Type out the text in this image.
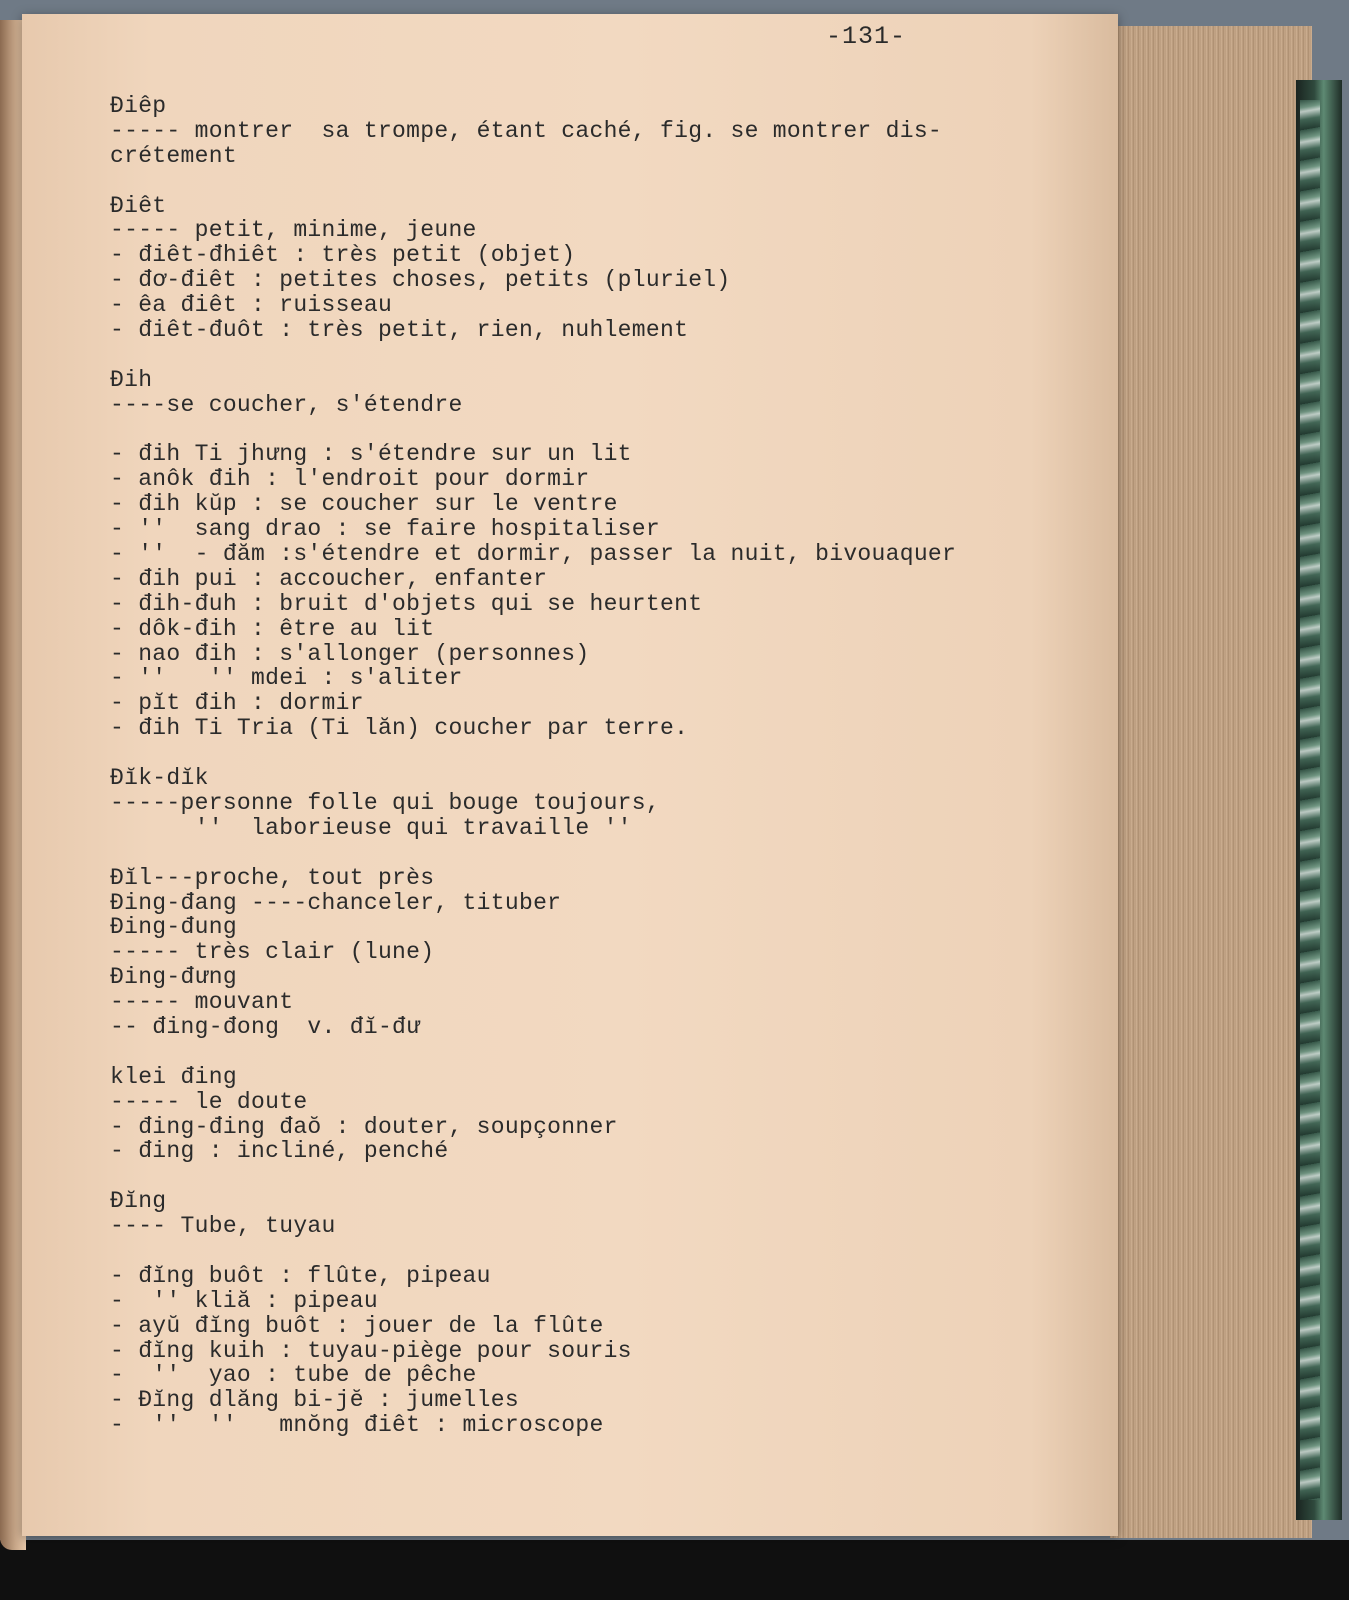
-131-
Điêp
----- montrer  sa trompe, étant caché, fig. se montrer dis-
crétement
Điêt
----- petit, minime, jeune
- điêt-đhiêt : très petit (objet)
- đơ-điêt : petites choses, petits (pluriel)
- êa điêt : ruisseau
- điêt-đuôt : très petit, rien, nuhlement
Đih
----se coucher, s'étendre
- đih Ti jhưng : s'étendre sur un lit
- anôk đih : l'endroit pour dormir
- đih kŭp : se coucher sur le ventre
- ''  sang drao : se faire hospitaliser
- ''  - đăm :s'étendre et dormir, passer la nuit, bivouaquer
- đih pui : accoucher, enfanter
- đih-đuh : bruit d'objets qui se heurtent
- dôk-đih : être au lit
- nao đih : s'allonger (personnes)
- ''   '' mdei : s'aliter
- pĭt đih : dormir
- đih Ti Tria (Ti lăn) coucher par terre.
Đĭk-dĭk
-----personne folle qui bouge toujours,
''  laborieuse qui travaille ''
Đĭl---proche, tout près
Đing-đang ----chanceler, tituber
Đing-đung
----- très clair (lune)
Đing-đưng
----- mouvant
-- đing-đong  v. đĭ-đư
klei đing
----- le doute
- đing-đing đaŏ : douter, soupçonner
- đing : incliné, penché
Đĭng
---- Tube, tuyau
- đĭng buôt : flûte, pipeau
-  '' kliă : pipeau
- ayŭ đĭng buôt : jouer de la flûte
- đĭng kuih : tuyau-piège pour souris
-  ''  yao : tube de pêche
- Đĭng dlăng bi-jĕ : jumelles
-  ''  ''   mnŏng điêt : microscope
